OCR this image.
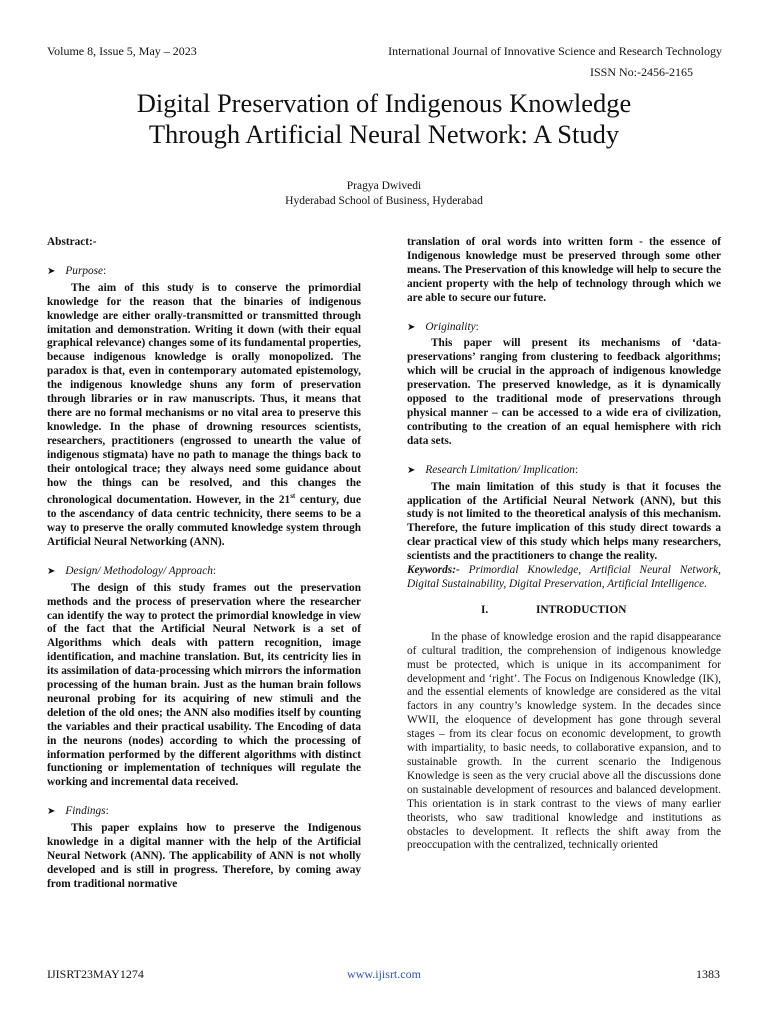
Volume 8, Issue 5, May – 2023	International Journal of Innovative Science and Research Technology
ISSN No:-2456-2165
Digital Preservation of Indigenous Knowledge
Through Artificial Neural Network: A Study
Pragya Dwivedi
Hyderabad School of Business, Hyderabad

Abstract:-

➤ Purpose:

The aim of this study is to conserve the primordial knowledge for the reason that the binaries of indigenous knowledge are either orally-transmitted or transmitted through imitation and demonstration. Writing it down (with their equal graphical relevance) changes some of its fundamental properties, because indigenous knowledge is orally monopolized. The paradox is that, even in contemporary automated epistemology, the indigenous knowledge shuns any form of preservation through libraries or in raw manuscripts. Thus, it means that there are no formal mechanisms or no vital area to preserve this knowledge. In the phase of drowning resources scientists, researchers, practitioners (engrossed to unearth the value of indigenous stigmata) have no path to manage the things back to their ontological trace; they always need some guidance about how the things can be resolved, and this changes the chronological documentation. However, in the 21st century, due to the ascendancy of data centric technicity, there seems to be a way to preserve the orally commuted knowledge system through Artificial Neural Networking (ANN).

➤ Design/ Methodology/ Approach:

The design of this study frames out the preservation methods and the process of preservation where the researcher can identify the way to protect the primordial knowledge in view of the fact that the Artificial Neural Network is a set of Algorithms which deals with pattern recognition, image identification, and machine translation. But, its centricity lies in its assimilation of data-processing which mirrors the information processing of the human brain. Just as the human brain follows neuronal probing for its acquiring of new stimuli and the deletion of the old ones; the ANN also modifies itself by counting the variables and their practical usability. The Encoding of data in the neurons (nodes) according to which the processing of information performed by the different algorithms with distinct functioning or implementation of techniques will regulate the working and incremental data received.

➤ Findings:

This paper explains how to preserve the Indigenous knowledge in a digital manner with the help of the Artificial Neural Network (ANN). The applicability of ANN is not wholly developed and is still in progress. Therefore, by coming away from traditional normative

translation of oral words into written form - the essence of Indigenous knowledge must be preserved through some other means. The Preservation of this knowledge will help to secure the ancient property with the help of technology through which we are able to secure our future.

➤ Originality:

This paper will present its mechanisms of ‘data-preservations’ ranging from clustering to feedback algorithms; which will be crucial in the approach of indigenous knowledge preservation. The preserved knowledge, as it is dynamically opposed to the traditional mode of preservations through physical manner – can be accessed to a wide era of civilization, contributing to the creation of an equal hemisphere with rich data sets.

➤ Research Limitation/ Implication:

The main limitation of this study is that it focuses the application of the Artificial Neural Network (ANN), but this study is not limited to the theoretical analysis of this mechanism. Therefore, the future implication of this study direct towards a clear practical view of this study which helps many researchers, scientists and the practitioners to change the reality.

Keywords:- Primordial Knowledge, Artificial Neural Network, Digital Sustainability, Digital Preservation, Artificial Intelligence.

I.	INTRODUCTION

In the phase of knowledge erosion and the rapid disappearance of cultural tradition, the comprehension of indigenous knowledge must be protected, which is unique in its accompaniment for development and ‘right’. The Focus on Indigenous Knowledge (IK), and the essential elements of knowledge are considered as the vital factors in any country’s knowledge system. In the decades since WWII, the eloquence of development has gone through several stages – from its clear focus on economic development, to growth with impartiality, to basic needs, to collaborative expansion, and to sustainable growth. In the current scenario the Indigenous Knowledge is seen as the very crucial above all the discussions done on sustainable development of resources and balanced development. This orientation is in stark contrast to the views of many earlier theorists, who saw traditional knowledge and institutions as obstacles to development. It reflects the shift away from the preoccupation with the centralized, technically oriented

IJISRT23MAY1274	www.ijisrt.com	1383
